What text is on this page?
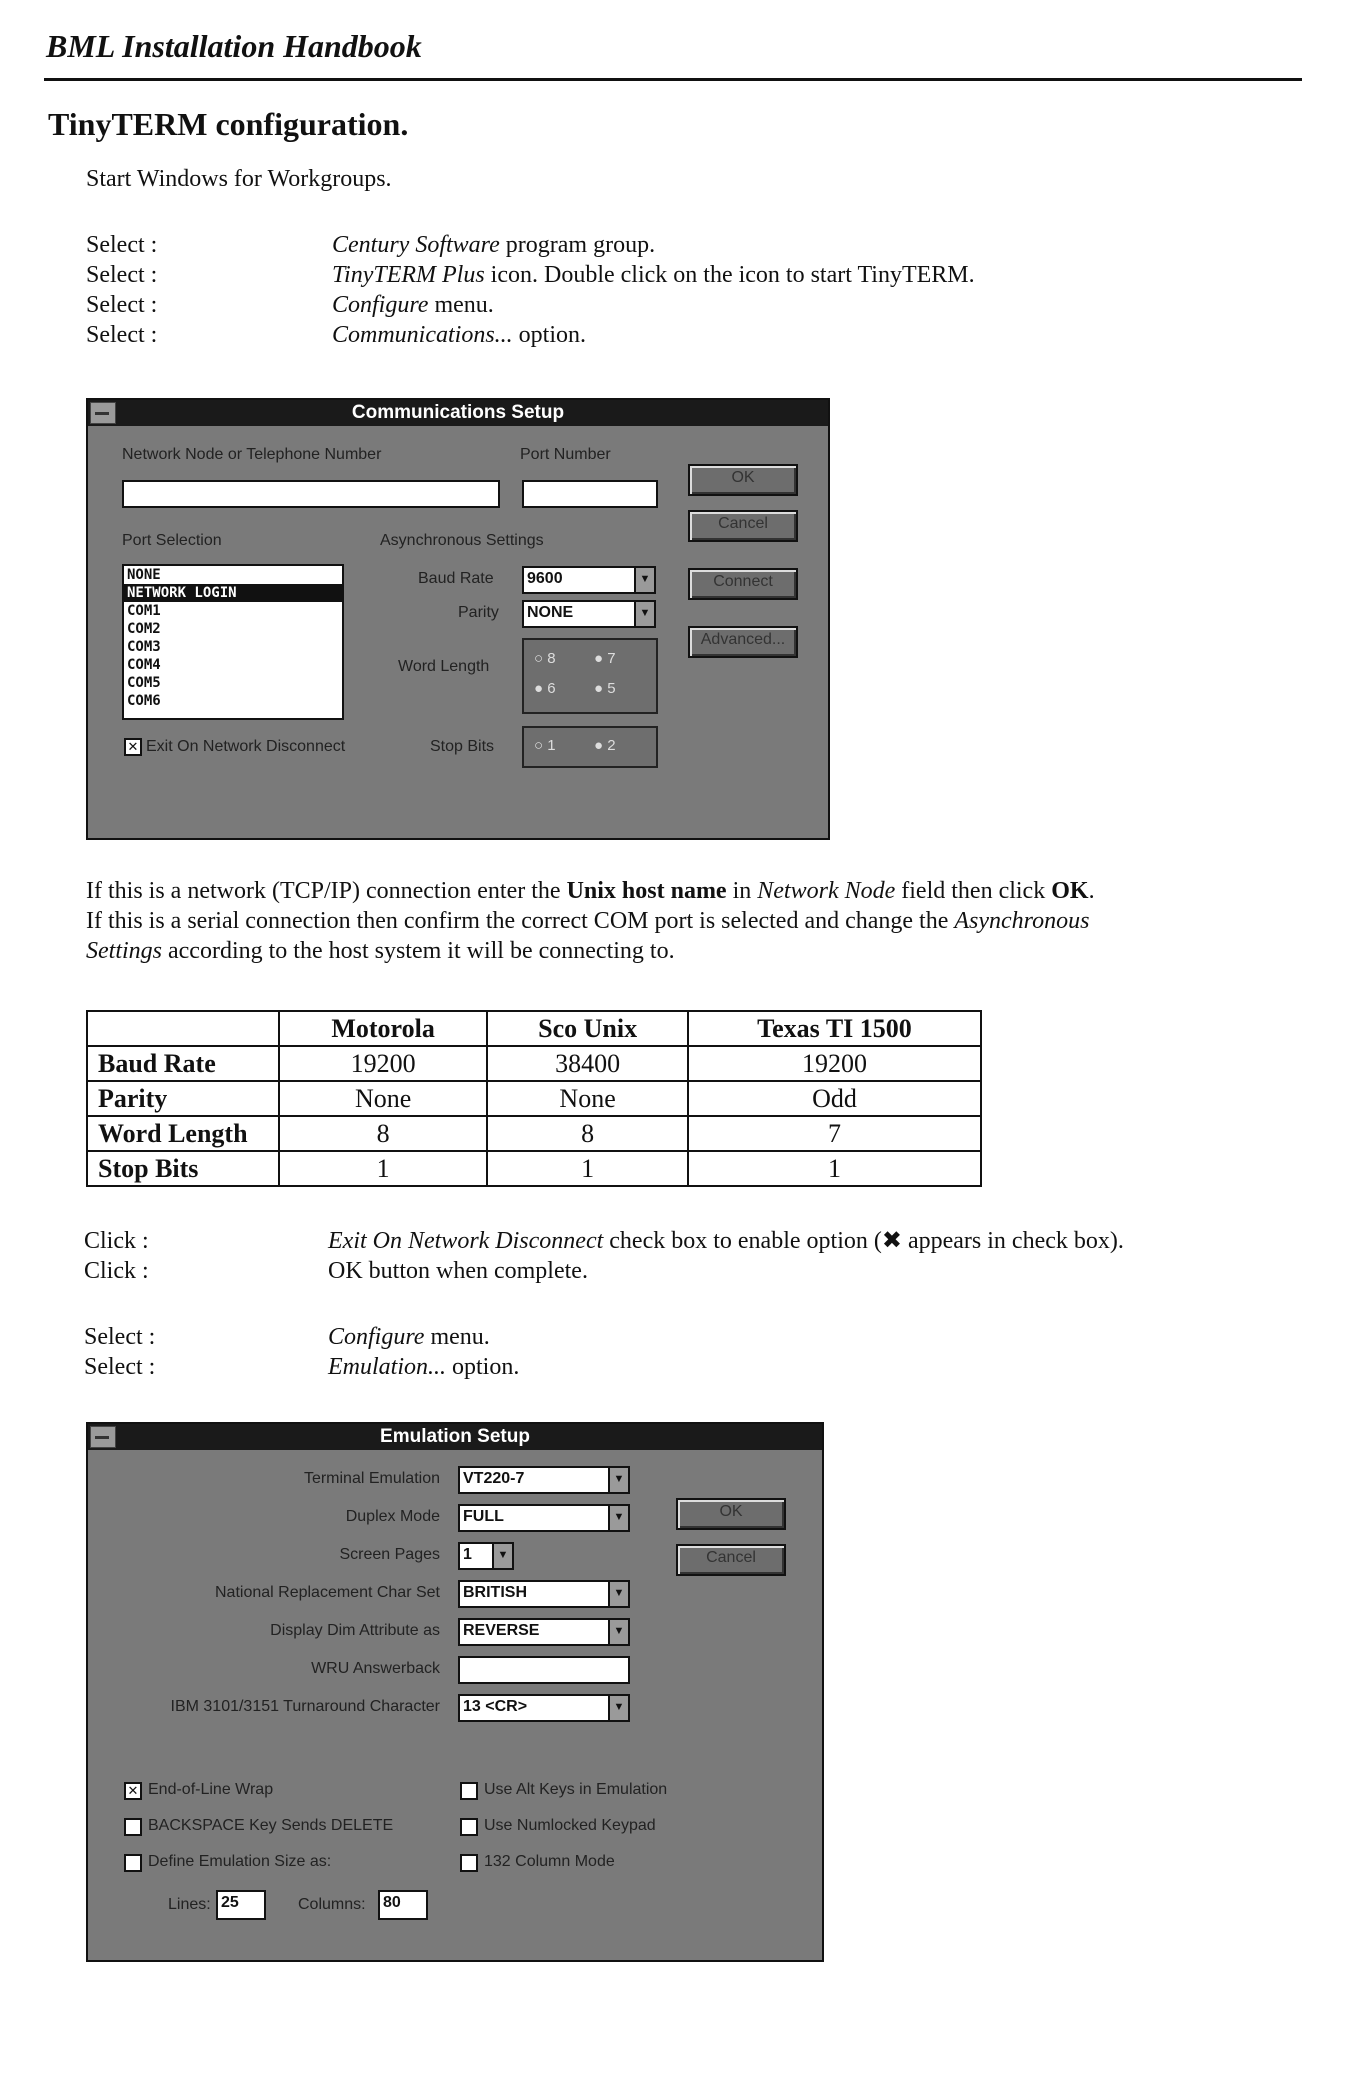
BML Installation Handbook
TinyTERM configuration.
Start Windows for Workgroups.
Select :	Century Software program group.
Select :	TinyTERM Plus icon. Double click on the icon to start TinyTERM.
Select :	Configure menu.
Select :	Communications... option.
Communications Setup
Network Node or Telephone Number	Port Number
OK
Cancel
Connect
Advanced...
Port Selection
NONE
NETWORK LOGIN
COM1
COM2
COM3
COM4
COM5
COM6
Asynchronous Settings
Baud Rate	9600	▼
Parity	NONE	▼
Word Length	○ 8	● 7
● 6	● 5
✕ Exit On Network Disconnect	Stop Bits	○ 1	● 2
If this is a network (TCP/IP) connection enter the Unix host name in Network Node field then click OK.
If this is a serial connection then confirm the correct COM port is selected and change the Asynchronous
Settings according to the host system it will be connecting to.
	Motorola	Sco Unix	Texas TI 1500
Baud Rate	19200	38400	19200
Parity	None	None	Odd
Word Length	8	8	7
Stop Bits	1	1	1
Click :	Exit On Network Disconnect check box to enable option (✖ appears in check box).
Click :	OK button when complete.
Select :	Configure menu.
Select :	Emulation... option.
Emulation Setup
Terminal Emulation	VT220-7	▼
Duplex Mode	FULL	▼
Screen Pages	1	▼
National Replacement Char Set	BRITISH	▼
Display Dim Attribute as	REVERSE	▼
WRU Answerback
IBM 3101/3151 Turnaround Character	13 <CR>	▼
OK
Cancel
✕ End-of-Line Wrap
BACKSPACE Key Sends DELETE
Define Emulation Size as:
Use Alt Keys in Emulation
Use Numlocked Keypad
132 Column Mode
Lines: 25	Columns:	80
